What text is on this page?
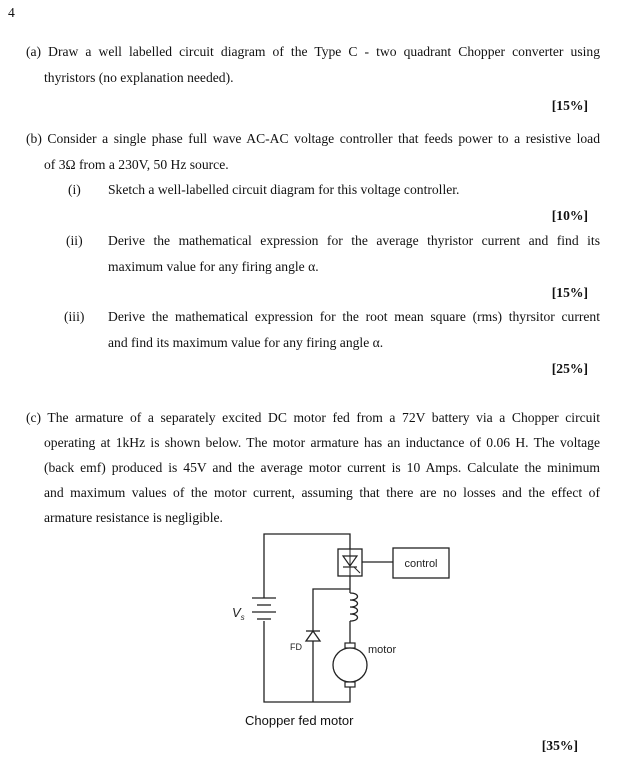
4
(a) Draw a well labelled circuit diagram of the Type C - two quadrant Chopper converter using
thyristors (no explanation needed).
[15%]
(b) Consider a single phase full wave AC-AC voltage controller that feeds power to a resistive load
of 3Ω from a 230V, 50 Hz source.
(i) Sketch a well-labelled circuit diagram for this voltage controller.
[10%]
(ii) Derive the mathematical expression for the average thyristor current and find its
maximum value for any firing angle α.
[15%]
(iii) Derive the mathematical expression for the root mean square (rms) thyrsitor current
and find its maximum value for any firing angle α.
[25%]
(c) The armature of a separately excited DC motor fed from a 72V battery via a Chopper circuit
operating at 1kHz is shown below. The motor armature has an inductance of 0.06 H. The voltage
(back emf) produced is 45V and the average motor current is 10 Amps. Calculate the minimum
and maximum values of the motor current, assuming that there are no losses and the effect of
armature resistance is negligible.
control
$V_s$
FD	motor
Chopper fed motor
[35%]
